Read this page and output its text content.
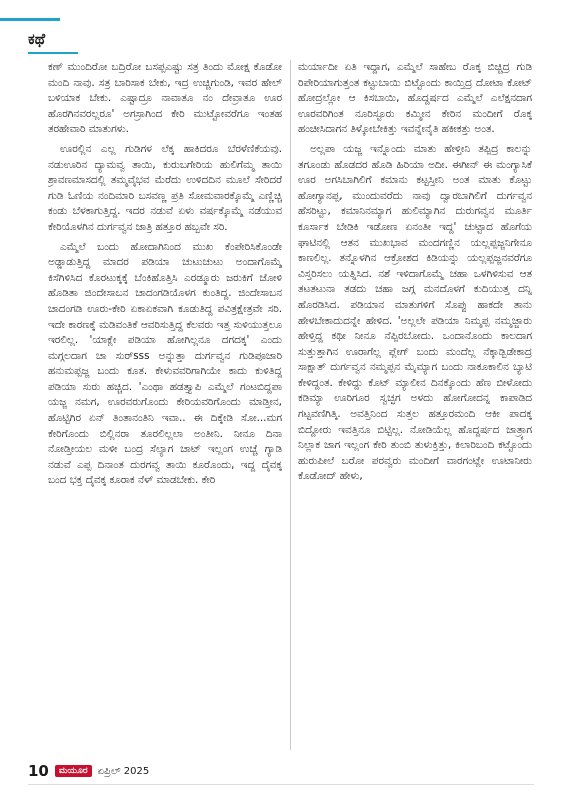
ಕಥೆ

ಕಣ್ ಮುಂದಿರೋ ಬದ್ರಿರೋ ಬಸಪ್ಪಎಷ್ಟು ಸತ್ರ ತಿಂದು ಮೋಕ್ಷ ಕೊಡೋ ಮಂದಿ ನಾವು. ಸತ್ರ ಬಾರಿಸಾಕ ಬೇಕು, ಇದ್ರ ಉಚ್ಚಿಗುಂಡಿ, ಇವರ ಹೇಲ್ ಬಳಿಯಾಕ ಬೇಕು. ಎಷ್ಟಾದ್ರೂ ನಾವಾತೂ ನಂ ದೇವ್ರಾತೂ ಊರ ಹೊರಗಿನವರಲ್ಲರೂ' ಅಗಸ್ರಾಗಿಂದ ಕೇರಿ ಮುಟ್ಟೋವರೆಗೂ ಇಂತಹ ತರಹೇವಾರಿ ಮಾತುಗಳು.

ಊರಲ್ಲಿನ ಎಲ್ಲ ಗುಡಿಗಳ ಲೆಕ್ಕ ಹಾಕಿದರೂ ಬೆರಳೆಣಿಕೆಯವು. ನಡುಊರಿನ ದ್ಯಾಮವ್ವ ತಾಯಿ, ಕುರುಬಗೇರಿಯ ಹುಲಿಗೆಮ್ಮ ತಾಯಿ ಶ್ರಾವಣಮಾಸದಲ್ಲಿ ತಮ್ಮವೈಭವ ಮೆರೆದು ಉಳಿದದಿನ ಮೂಲೆ ಸೇರಿದರೆ ಗುಡಿ ಓಣಿಯ ನಂದಿಮಾರಿ ಬಸವಣ್ಣ ಪ್ರತಿ ಸೋಮವಾರಕ್ಕೊಮ್ಮೆ ಎಣ್ಣಿಚ್ಚಿ ಕಂಡು ಬೆಳಕಾಗುತ್ತಿದ್ದ. ಇದರ ನಡುವೆ ಏಳು ವರ್ಷಕ್ಕೊಮ್ಮೆ ನಡೆಯುವ ಕೇರಿಯೊಳಗಿನ ದುರ್ಗವ್ವನ ಜಾತ್ರಿ ಹತ್ತೂರ ಹಬ್ಬವೇ ಸರಿ.

ಎಮ್ಮೆಲೆ ಬಂದು ಹೋದಾಗಿನಿಂದ ಮುಖ ಕೆಂಪೇರಿಸಿಕೊಂಡೇ ಅಡ್ಡಾಡುತ್ತಿದ್ದ ಮಾದರ ಪಡಿಯಾ ಚುಟುಚುಟು ಅಂದಾಗೊಮ್ಮೆ ಕಿಸೆಗಿಳಿಸಿದ ಕೊರಟುಕ್ಕಕ್ಕೆ ಬೆಂಕಿಹೊತ್ತಿಸಿ ಎರಡ್ಮೂರು ಜರುಕಿಗೆ ಜೋಳಿ ಹೊಡಿತಾ ಜಿಂದೇಸಾಬನ ಚಾದಂಗಡಿಯೊಳಗ ಕುಂತಿದ್ದ. ಜಿಂದೇಸಾಬನ ಚಾದಂಗಡಿ ಊರು-ಕೇರಿ ಏಕಾಏಕವಾಗಿ ಕೂಡುತಿದ್ದ ಪವಿತ್ರಕ್ಷೇತ್ರವೇ ಸರಿ. ಇದೇ ಕಾರಣಕ್ಕೆ ಮಡಿವಂತಿಕೆ ಆವರಿಸುತ್ತಿದ್ದ ಕೆಲವರು ಇತ್ತ ಸುಳಿಯುತ್ತಲೂ ಇರಲಿಲ್ಲ. 'ಯಾಕ್ಲೇ ಪಡಿಯಾ ಹೋಗಿಲ್ಲನೂ ದಗದಕ್ಕ' ಎಂದು ಮಗ್ಗಲದಾಗ ಚಾ ಸುರ್‌sss ಅನ್ನುತ್ತಾ ದುರ್ಗವ್ವನ ಗುಡಿಪೂಜಾರಿ ಹನುಮಪ್ಪಜ್ಜ ಬಂದು ಕೂತ. ಕೇಳುವವರಿಗಾಗಿಯೇ ಕಾದು ಕುಳಿತಿದ್ದ ಪಡಿಯಾ ಸುರು ಹಚ್ಚಿದ. 'ಎಂಥಾ ಹಡತ್ತ್ಯಾಪಿ ಎಮ್ಮೆಲೆ ಗಂಟಬಿದ್ದಪಾ ಯಜ್ಜ ನಮಗ, ಊರವರುಗೊಂದು ಕೇರಿಯವರಿಗೊಂದು ಮಾಡ್ತೀನ, ಹೊಟ್ಟಿಗಿರ ಏನ್ ತಿಂತಾನಂತಿನಿ ಇವಾ.. ಈ ದಿಕ್ಕೇಡಿ ಸೋ...ಮಗ ಕೇರಿಗೊಂದು ಬಿಲ್ಲಿನರಾ ತೂರಲಿಲ್ಲಲಾ ಅಂತೀನಿ. ನೀನೂ ದಿನಾ ನೋಡ್ತೀಯಲ ಮಳೀ ಬಂದ್ರ ಸೆಲ್ಯಾಗ ಚಾಟ್ ಇಲ್ಲಂಗ ಉಚ್ಚೆ ಗ್ಯಾಡಿ ನಡುವೆ ಎಪ್ಪ ದಿನಾಂತ ದುರಗವ್ವ ತಾಯಿ ಕೂರೊಂದು, ಇದ್ದ ದೈವಕ್ಕ ಬಂದ ಭಕ್ತ ದೈವಕ್ಕ ಕೂರಾಕ ನೆಳ್ ಮಾಡಬೇಕು. ಕೇರಿ

ಮರ್ಯಾದೀ ಏತಿ ಇದ್ದಾಗ, ಎಮ್ಮೆಲೆ ಸಾಹೇಬ ರೊಕ್ಕ ಬಿಚ್ಚಿದ್ರ ಗುಡಿ ರಿಪೇರಿಯಾಗುತ್ತಂತ ಕಟ್ಟುಬಾಯಿ ಬಿಟ್ಟೊಂದು ಕಾಯ್ತಿದ್ರ ದೋಟಾ ಕೋಟ್ ಹೋದ್ರಲ್ಲೋ ಆ ಕಿಸಬಾಯಿ, ಹೊದ್ದರ್ಷದ ಎಮ್ಮೆಲೆ ಎಲೆಕ್ಷನದಾಗ ಊರವರಿಗಿಂತ ನೂರಿಸ್ಟೂರು ಕಮ್ಮೀನ ಕೇರಿನ ಮಂದೀಗೆ ರೊಕ್ಕ ಹಂಚೀಸಿದಾಗನ ತಿಳ್ಕೋಬೇಕಿತ್ತು ಇವನ್ನೇನೈತಿ ಹಕೀಕತ್ತು ಅಂತ.

ಅಲ್ಲಪಾ ಯಜ್ಜ ಇನ್ನೊಂದು ಮಾತು ಹೇಳ್ತೀನಿ ತಪ್ಪಿದ್ರ ಕಾಲನ್ನು ತಗೂಂಡು ಹೊಡದರ ಹೊಡಿ ಹಿರಿಯಾ ಅದೀ. ಈಗೀನ್ ಈ ಮಂಗ್ಯಾಸಿಕೆ ಊರ ಅಗಸಿಬಾಗಿಲಿಗೆ ಕಮಾನು ಕಟ್ಟಸ್ತೀನಿ ಅಂತ ಮಾತು ಕೊಟ್ಟು ಹೋಗ್ಯಾನಪ್ಪ, ಮುಂದುವರೆದು ನಾವು ದ್ವಾರಬಾಗಿಲಿಗೆ ದುರ್ಗವ್ವನ ಹೆಸರಿಟ್ಟು, ಕಮಾನಿನಮ್ಯಾಗ ಹುಲಿಮ್ಯಾಗಿನ ದುರುಗವ್ವನ ಮೂರ್ತಿ ಕೂರ್ಸಾಕ ಬೇಡಿಕಿ ಇಡೋಣ ಏನಂತೀ ಇದ್ದ' ಚುಟ್ಟಾದ ಹೊಗೆಯ ಘಾಟಿನಲ್ಲಿ ಆತನ ಮುಖಭಾವ ಮಂದಗಣ್ಣಿನ ಯಲ್ಲಪ್ಪಜ್ಜನಿಗೇನೂ ಕಾಣಲಿಲ್ಲ. ತನ್ನೊಳಗಿನ ಆಕ್ರೋಶದ ಕಿಡಿಯನ್ನು ಯಲ್ಲಪ್ಪಜ್ಜನವರೆಗೂ ವಿಸ್ತರಿಸಲು ಯತ್ನಿಸಿದ. ನಶೆ ಇಳಿದಾಗೊಮ್ಮೆ ಚಹಾ ಒಳಗಿಳಿಸುವ ಆತ ತಟತಟುನಾ ತಡದು ಚಹಾ ಜಗ್ಗ ಮನದೊಳಗೆ ಕುದಿಯುತ್ತ ದನ್ನಿ ಹೊರಡಿಸಿದ. ಪಡಿಯಾನ ಮಾತುಗಳಿಗೆ ಸೊಪ್ಪು ಹಾಕದೇ ತಾನು ಹೇಳಬೇಕಾದುದನ್ನೇ ಹೇಳಿದ. 'ಅಲ್ಲಲೇ ಪಡಿಯಾ ನಿಮ್ಮಪ್ಪ ನಮ್ಮಜ್ಜಾರು ಹೇಳ್ತಿದ್ದ ಕಥೀ ನೀನೂ ನೆಪ್ಪಿರಬೋದು. ಒಂದಾನೊಂದು ಕಾಲದಾಗ ಸುತ್ತುತ್ತಾಗಿನ ಊರಾಗೆಲ್ಲ ಪ್ಲೇಗ್ ಬಂದು ಮಂದೆಲ್ಲ ನೆಕ್ಕಾಡ್ಬಿಡೇಕಾದ್ರ ಸಾಕ್ಷಾತ್ ದುರ್ಗವ್ವನ ನಮ್ಮಪ್ಪನ ಮೈಮ್ಯಾಗ ಬಂದು ನಾಕೂಕಾಲಿನ ಬ್ಯಾಟಿ ಕೇಳಿದ್ದಂತ. ಕೇಳಿದ್ದು ಕೊಟ್ ಮ್ಯಾಲೀನ ದಿನಕ್ಕೊಂದು ಹೆಣ ಬೀಳೋದು ಕಡಿಮ್ಯಾ ಊರಿಗೂರ ಸ್ವಚ್ಛಗ ಅಳದು ಹೋಗೋದನ್ನ ಕಾಪಾಡಿದ ಗಟ್ಟವಣಿಗಿತ್ಕಿ. ಅವತ್ತಿನಿಂದ ಸುತ್ತಲ ಹತ್ತೂರಮಂದಿ ಆಕೀ ಪಾದಕ್ಕ ಬಿದ್ದೋರು ಇವತ್ತಿನೂ ಬಿಟ್ಟಿಲ್ಲ. ನೋಡಿಯೆಲ್ಲ ಹೊದ್ದರ್ಷದ ಜಾತ್ರ್ಯಾಗ ನಿಲ್ಲಾಕ ಜಾಗ ಇಲ್ಲಂಗ ಕೇರಿ ತುಂಬಿ ತುಳುಕ್ತಿತ್ತು, ಕಿಲಾರಿಬಂದಿ ಕಟ್ಟೊಂದು ಹುರುಪೀಲೆ ಬರೋ ಪರವ್ವರು ಮಂದೀಗೆ ವಾರಗಂಟ್ಲೇ ಊಟಾನೀರು ಕೊಡೋದ್ ಹೇಳು,

10	ಮಯೂರ	ಏಪ್ರಿಲ್ 2025
